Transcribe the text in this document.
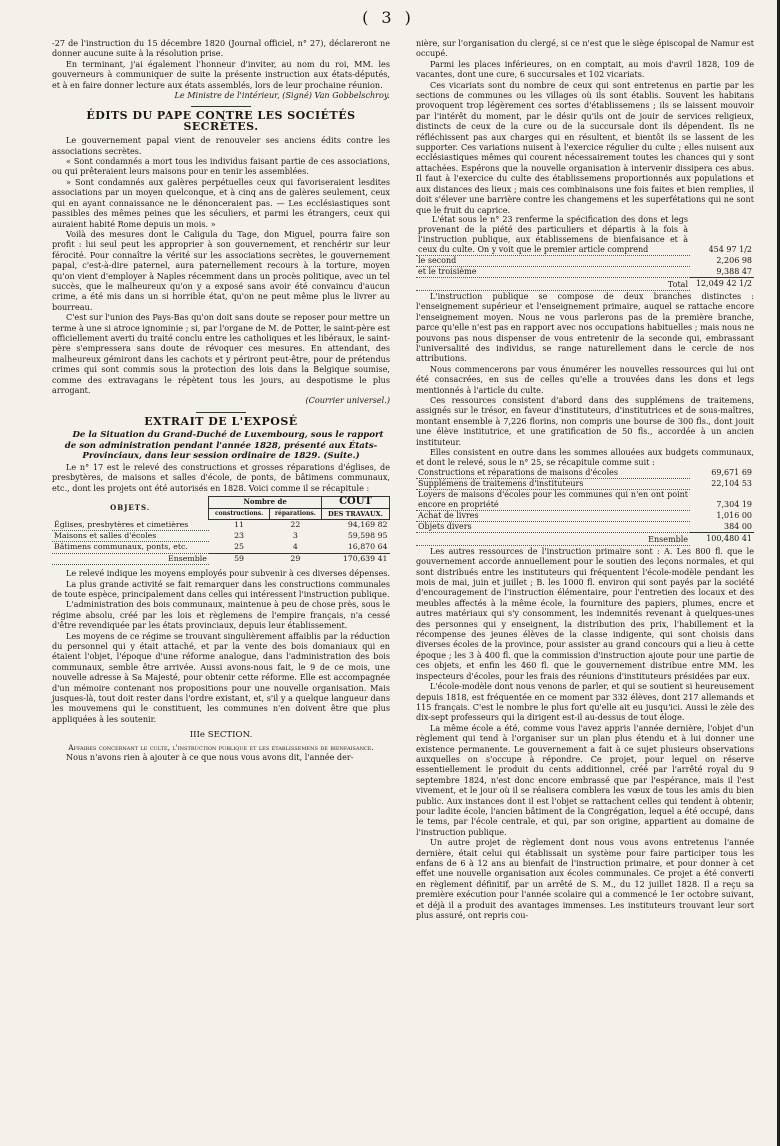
( 3 )

-27 de l'instruction du 15 décembre 1820 (Journal officiel, n° 27), déclareront ne donner aucune suite à la résolution prise.

En terminant, j'ai également l'honneur d'inviter, au nom du roi, MM. les gouverneurs à communiquer de suite la présente instruction aux états-députés, et à en faire donner lecture aux états assemblés, lors de leur prochaine réunion.

Le Ministre de l'intérieur, (Signé) Van Gobbelschroy.

ÉDITS DU PAPE CONTRE LES SOCIÉTÉS SECRÈTES.

Le gouvernement papal vient de renouveler ses anciens édits contre les associations secrètes.

« Sont condamnés a mort tous les individus faisant partie de ces associations, ou qui prêteraient leurs maisons pour en tenir les assemblées.

» Sont condamnés aux galères perpétuelles ceux qui favoriseraient lesdites associations par un moyen quelconque, et à cinq ans de galères seulement, ceux qui en ayant connaissance ne le dénonceraient pas. — Les ecclésiastiques sont passibles des mêmes peines que les séculiers, et parmi les étrangers, ceux qui auraient habité Rome depuis un mois. »

Voilà des mesures dont le Caligula du Tage, don Miguel, pourra faire son profit : lui seul peut les approprier à son gouvernement, et renchérir sur leur férocité. Pour connaître la vérité sur les associations secrètes, le gouvernement papal, c'est-à-dire paternel, aura paternellement recours à la torture, moyen qu'on vient d'employer à Naples récemment dans un procès politique, avec un tel succès, que le malheureux qu'on y a exposé sans avoir été convaincu d'aucun crime, a été mis dans un si horrible état, qu'on ne peut même plus le livrer au bourreau.

C'est sur l'union des Pays-Bas qu'on doit sans doute se reposer pour mettre un terme à une si atroce ignominie ; si, par l'organe de M. de Potter, le saint-père est officiellement averti du traité conclu entre les catholiques et les libéraux, le saint-père s'empressera sans doute de révoquer ces mesures. En attendant, des malheureux gémiront dans les cachots et y périront peut-être, pour de prétendus crimes qui sont commis sous la protection des lois dans la Belgique soumise, comme des extravagans le répètent tous les jours, au despotisme le plus arrogant.

(Courrier universel.)

EXTRAIT DE L'EXPOSÉ

De la Situation du Grand-Duché de Luxembourg, sous le rapport de son administration pendant l'année 1828, présenté aux États-Provinciaux, dans leur session ordinaire de 1829. (Suite.)

Le n° 17 est le relevé des constructions et grosses réparations d'églises, de presbytères, de maisons et salles d'école, de ponts, de bâtimens communaux, etc., dont les projets ont été autorisés en 1828. Voici comme il se récapitule :

OBJETS.	Nombre de		COUT
	constructions.	réparations.	DES TRAVAUX.
Églises, presbytères et cimetières	11	22	94,169 82
Maisons et salles d'écoles	23	3	59,598 95
Bâtimens communaux, ponts, etc.	25	4	16,870 64
Ensemble	59	29	170,639 41

Le relevé indique les moyens employés pour subvenir à ces diverses dépenses.

La plus grande activité se fait remarquer dans les constructions communales de toute espèce, principalement dans celles qui intéressent l'instruction publique.

L'administration des bois communaux, maintenue à peu de chose près, sous le régime absolu, créé par les lois et règlemens de l'empire français, n'a cessé d'être revendiquée par les états provinciaux, depuis leur établissement.

Les moyens de ce régime se trouvant singulièrement affaiblis par la réduction du personnel qui y était attaché, et par la vente des bois domaniaux qui en étaient l'objet, l'époque d'une réforme analogue, dans l'administration des bois communaux, semble être arrivée. Aussi avons-nous fait, le 9 de ce mois, une nouvelle adresse à Sa Majesté, pour obtenir cette réforme. Elle est accompagnée d'un mémoire contenant nos propositions pour une nouvelle organisation. Mais jusques-là, tout doit rester dans l'ordre existant, et, s'il y a quelque langueur dans les mouvemens qui le constituent, les communes n'en doivent être que plus appliquées à les soutenir.

IIIe SECTION.
Affaires concernant le culte, l'instruction publique et les établissemens de bienfaisance.

Nous n'avons rien à ajouter à ce que nous vous avons dit, l'année der-

nière, sur l'organisation du clergé, si ce n'est que le siège épiscopal de Namur est occupé.

Parmi les places inférieures, on en comptait, au mois d'avril 1828, 109 de vacantes, dont une cure, 6 succursales et 102 vicariats.

Ces vicariats sont du nombre de ceux qui sont entretenus en partie par les sections de communes ou les villages où ils sont établis. Souvent les habitans provoquent trop légèrement ces sortes d'établissemens ; ils se laissent mouvoir par l'intérêt du moment, par le désir qu'ils ont de jouir de services religieux, distincts de ceux de la cure ou de la succursale dont ils dépendent. Ils ne réfléchissent pas aux charges qui en résultent, et bientôt ils se lassent de les supporter. Ces variations nuisent à l'exercice régulier du culte ; elles nuisent aux ecclésiastiques mêmes qui courent nécessairement toutes les chances qui y sont attachées. Espérons que la nouvelle organisation à intervenir dissipera ces abus. Il faut à l'exercice du culte des établissemens proportionnés aux populations et aux distances des lieux ; mais ces combinaisons une fois faites et bien remplies, il doit s'élever une barrière contre les changemens et les superfétations qui ne sont que le fruit du caprice.

L'état sous le n° 23 renferme la spécification des dons et legs provenant de la piété des particuliers et départis à la fois à l'instruction publique, aux établissemens de bienfaisance et à ceux du culte. On y voit que le premier article comprend	454 97 1/2
le second	2,206 98
et le troisième	9,388 47
Total	12,049 42 1/2

L'instruction publique se compose de deux branches distinctes : l'enseignement supérieur et l'enseignement primaire, auquel se rattache encore l'enseignement moyen. Nous ne vous parlerons pas de la première branche, parce qu'elle n'est pas en rapport avec nos occupations habituelles ; mais nous ne pouvons pas nous dispenser de vous entretenir de la seconde qui, embrassant l'universalité des individus, se range naturellement dans le cercle de nos attributions.

Nous commencerons par vous énumérer les nouvelles ressources qui lui ont été consacrées, en sus de celles qu'elle a trouvées dans les dons et legs mentionnés à l'article du culte.

Ces ressources consistent d'abord dans des supplémens de traitemens, assignés sur le trésor, en faveur d'instituteurs, d'institutrices et de sous-maîtres, montant ensemble à 7,226 florins, non compris une bourse de 300 fls., dont jouit une élève institutrice, et une gratification de 50 fls., accordée à un ancien instituteur.

Elles consistent en outre dans les sommes allouées aux budgets communaux, et dont le relevé, sous le n° 25, se récapitule comme suit :

Constructions et réparations de maisons d'écoles	69,671 69
Supplémens de traitemens d'instituteurs	22,104 53
Loyers de maisons d'écoles pour les communes qui n'en ont point encore en propriété	7,304 19
Achat de livres	1,016 00
Objets divers	384 00
Ensemble	100,480 41

Les autres ressources de l'instruction primaire sont : A. Les 800 fl. que le gouvernement accorde annuellement pour le soutien des leçons normales, et qui sont distribués entre les instituteurs qui fréquentent l'école-modèle pendant les mois de mai, juin et juillet ; B. les 1000 fl. environ qui sont payés par la société d'encouragement de l'instruction élémentaire, pour l'entretien des locaux et des meubles affectés à la même école, la fourniture des papiers, plumes, encre et autres matériaux qui s'y consomment, les indemnités revenant à quelques-unes des personnes qui y enseignent, la distribution des prix, l'habillement et la récompense des jeunes élèves de la classe indigente, qui sont choisis dans diverses écoles de la province, pour assister au grand concours qui a lieu à cette époque ; les 3 à 400 fl. que la commission d'instruction ajoute pour une partie de ces objets, et enfin les 460 fl. que le gouvernement distribue entre MM. les inspecteurs d'écoles, pour les frais des réunions d'instituteurs présidées par eux.

L'école-modèle dont nous venons de parler, et qui se soutient si heureusement depuis 1818, est fréquentée en ce moment par 332 élèves, dont 217 allemands et 115 français. C'est le nombre le plus fort qu'elle ait eu jusqu'ici. Aussi le zèle des dix-sept professeurs qui la dirigent est-il au-dessus de tout éloge.

La même école a été, comme vous l'avez appris l'année dernière, l'objet d'un règlement qui tend à l'organiser sur un plan plus étendu et à lui donner une existence permanente. Le gouvernement a fait à ce sujet plusieurs observations auxquelles on s'occupe à répondre. Ce projet, pour lequel on réserve essentiellement le produit du cents additionnel, créé par l'arrêté royal du 9 septembre 1824, n'est donc encore embrassé que par l'espérance, mais il l'est vivement, et le jour où il se réalisera comblera les vœux de tous les amis du bien public. Aux instances dont il est l'objet se rattachent celles qui tendent à obtenir, pour ladite école, l'ancien bâtiment de la Congrégation, lequel a été occupé, dans le tems, par l'école centrale, et qui, par son origine, appartient au domaine de l'instruction publique.

Un autre projet de règlement dont nous vous avons entretenus l'année dernière, était celui qui établissait un système pour faire participer tous les enfans de 6 à 12 ans au bienfait de l'instruction primaire, et pour donner à cet effet une nouvelle organisation aux écoles communales. Ce projet a été converti en règlement définitif, par un arrêté de S. M., du 12 juillet 1828. Il a reçu sa première exécution pour l'année scolaire qui a commencé le 1er octobre suivant, et déjà il a produit des avantages immenses. Les instituteurs trouvant leur sort plus assuré, ont repris cou-
